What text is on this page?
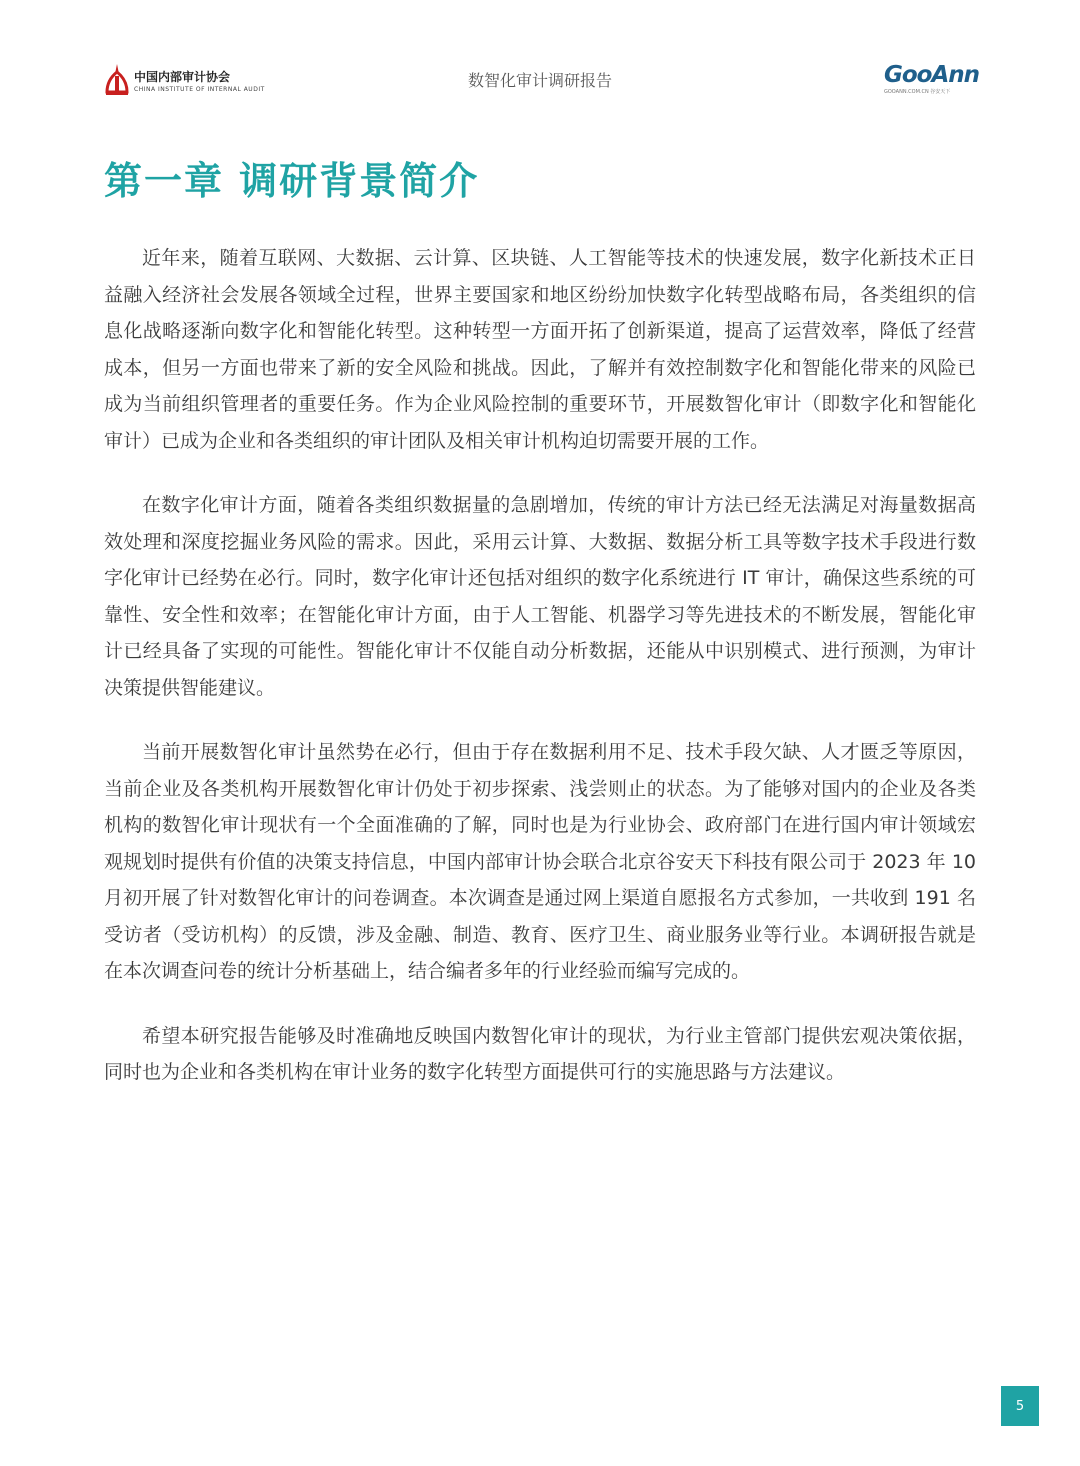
中国内部审计协会
CHINA INSTITUTE OF INTERNAL AUDIT	数智化审计调研报告	GooAnn
GOOANN.COM.CN 谷安天下
第一章 调研背景简介

近年来，随着互联网、大数据、云计算、区块链、人工智能等技术的快速发展，数字化新技术正日益融入经济社会发展各领域全过程，世界主要国家和地区纷纷加快数字化转型战略布局，各类组织的信息化战略逐渐向数字化和智能化转型。这种转型一方面开拓了创新渠道，提高了运营效率，降低了经营成本，但另一方面也带来了新的安全风险和挑战。因此，了解并有效控制数字化和智能化带来的风险已成为当前组织管理者的重要任务。作为企业风险控制的重要环节，开展数智化审计（即数字化和智能化审计）已成为企业和各类组织的审计团队及相关审计机构迫切需要开展的工作。

在数字化审计方面，随着各类组织数据量的急剧增加，传统的审计方法已经无法满足对海量数据高效处理和深度挖掘业务风险的需求。因此，采用云计算、大数据、数据分析工具等数字技术手段进行数字化审计已经势在必行。同时，数字化审计还包括对组织的数字化系统进行 IT 审计，确保这些系统的可靠性、安全性和效率；在智能化审计方面，由于人工智能、机器学习等先进技术的不断发展，智能化审计已经具备了实现的可能性。智能化审计不仅能自动分析数据，还能从中识别模式、进行预测，为审计决策提供智能建议。

当前开展数智化审计虽然势在必行，但由于存在数据利用不足、技术手段欠缺、人才匮乏等原因，当前企业及各类机构开展数智化审计仍处于初步探索、浅尝则止的状态。为了能够对国内的企业及各类机构的数智化审计现状有一个全面准确的了解，同时也是为行业协会、政府部门在进行国内审计领域宏观规划时提供有价值的决策支持信息，中国内部审计协会联合北京谷安天下科技有限公司于 2023 年 10 月初开展了针对数智化审计的问卷调查。本次调查是通过网上渠道自愿报名方式参加，一共收到 191 名受访者（受访机构）的反馈，涉及金融、制造、教育、医疗卫生、商业服务业等行业。本调研报告就是在本次调查问卷的统计分析基础上，结合编者多年的行业经验而编写完成的。

希望本研究报告能够及时准确地反映国内数智化审计的现状，为行业主管部门提供宏观决策依据，同时也为企业和各类机构在审计业务的数字化转型方面提供可行的实施思路与方法建议。

5
